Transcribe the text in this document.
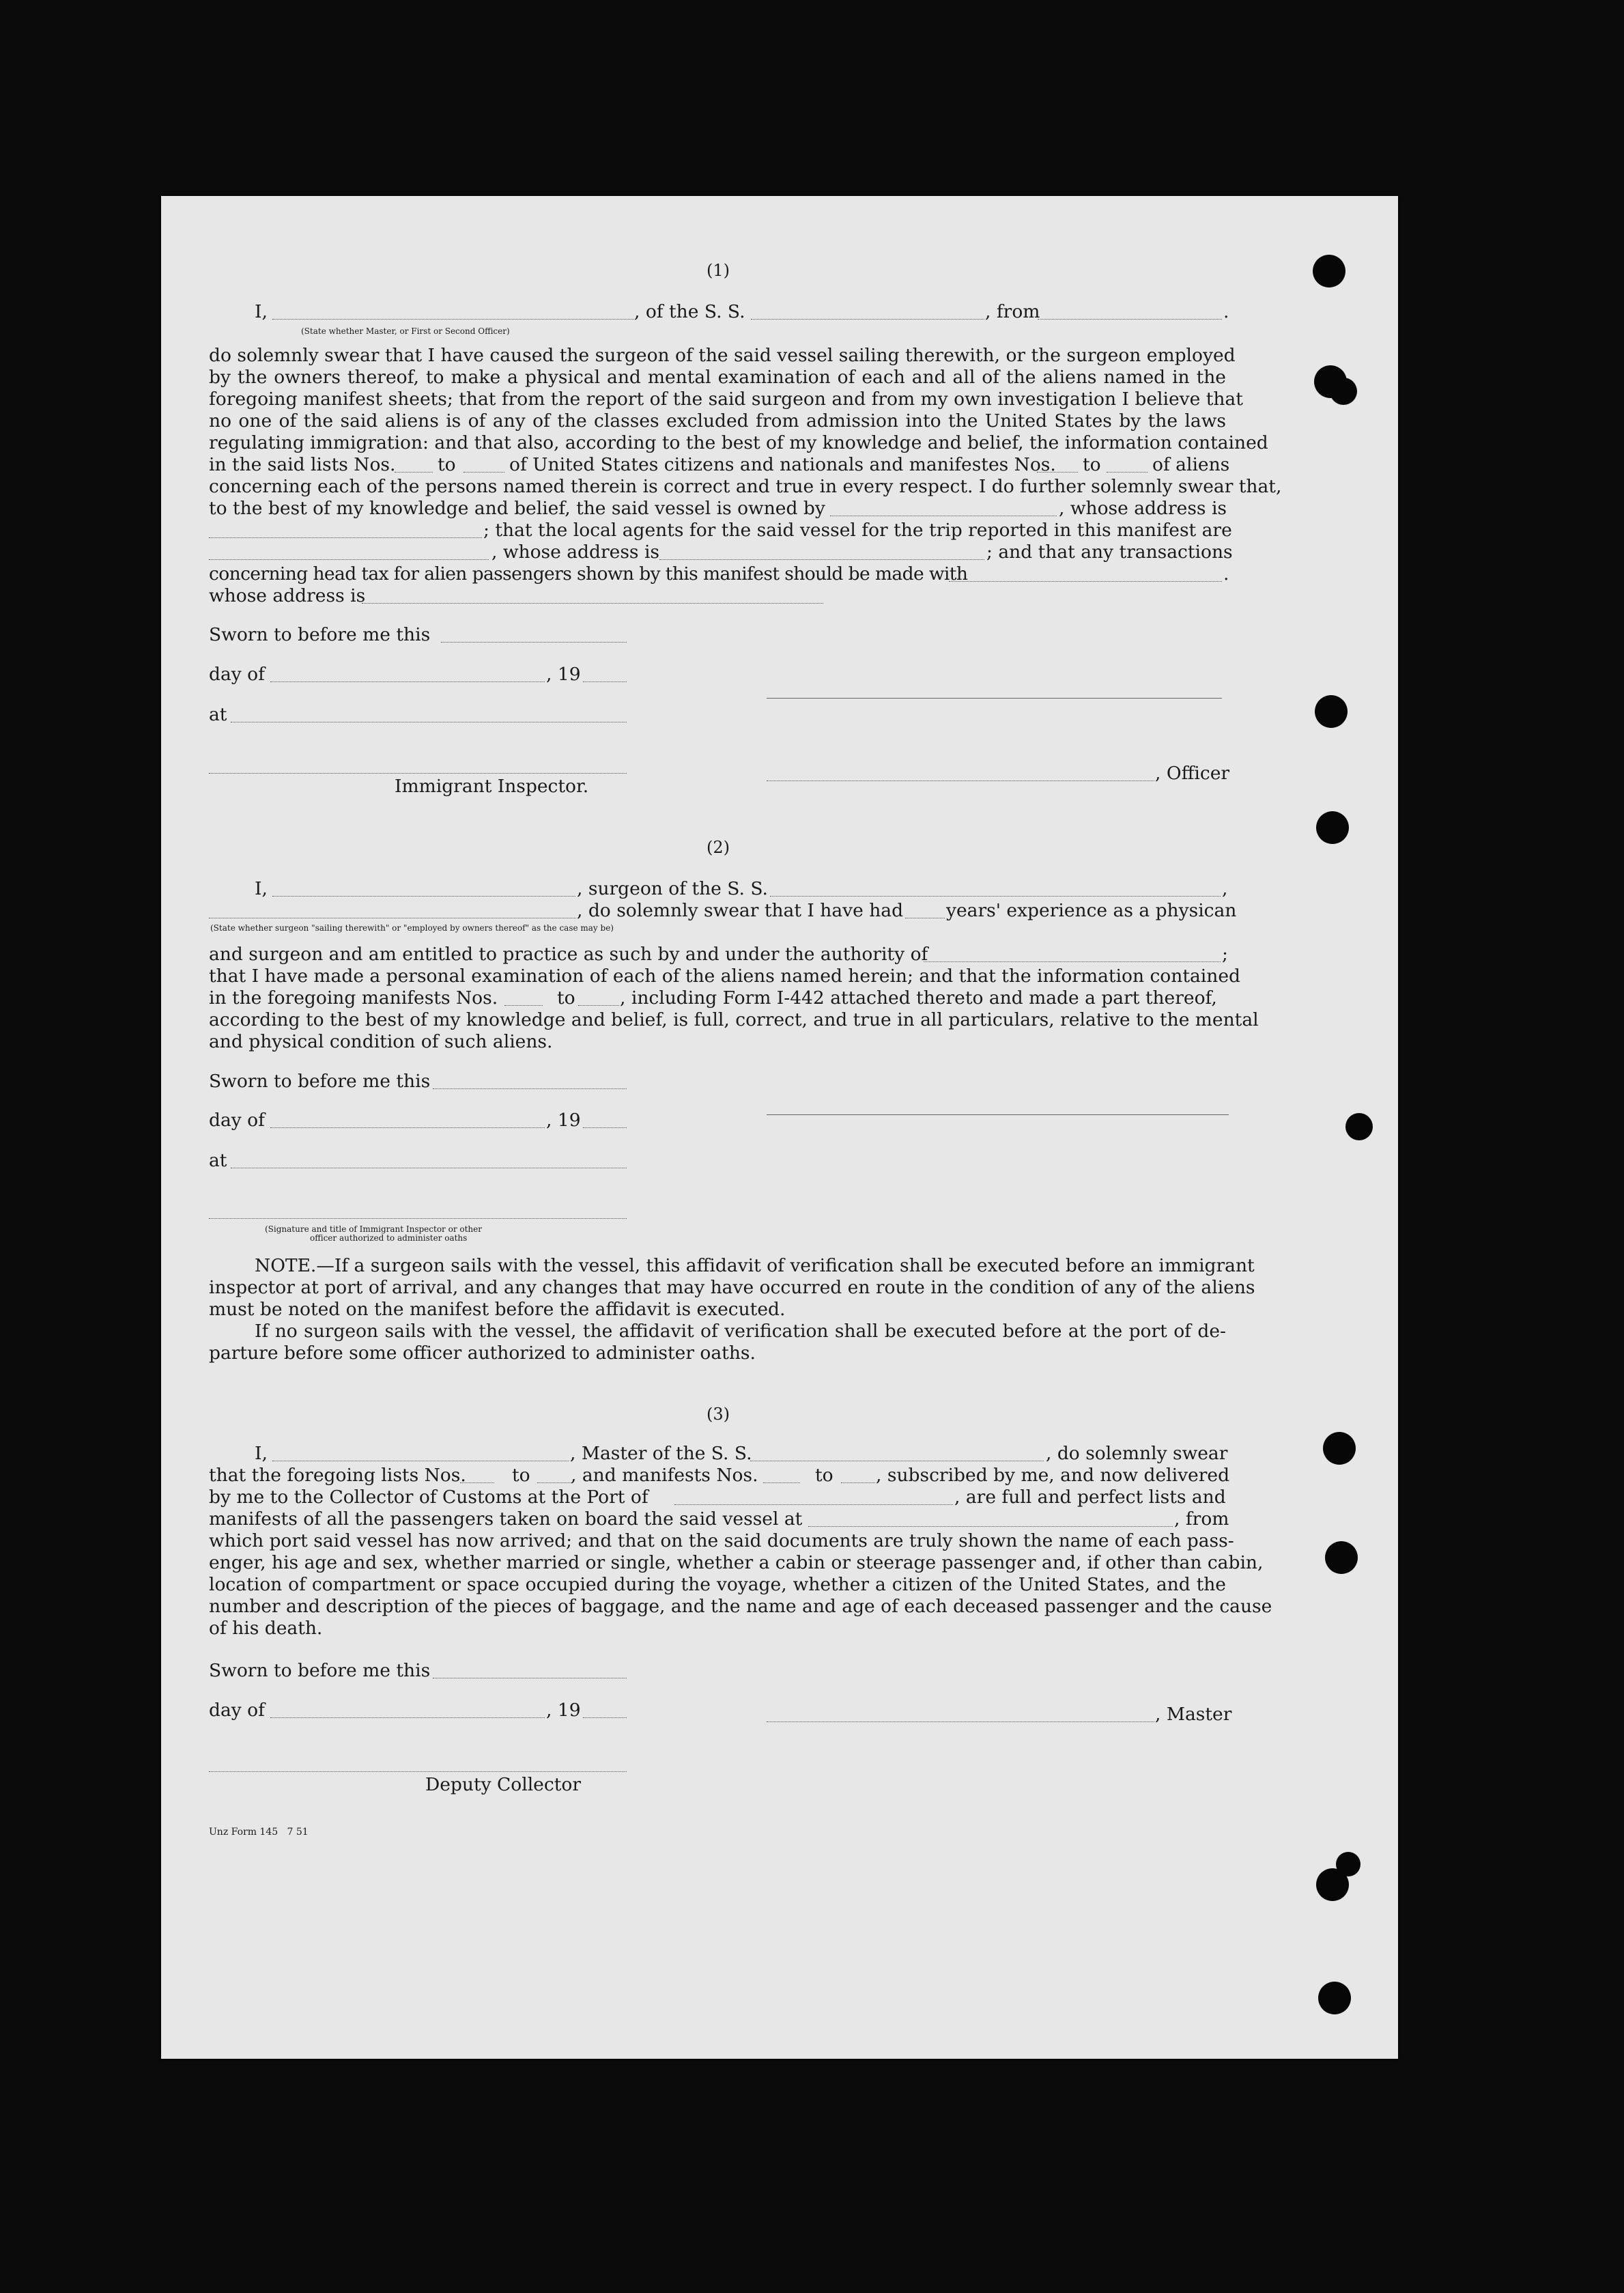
(1)
I,	, of the S. S.	, from	.
(State whether Master, or First or Second Officer)
do solemnly swear that I have caused the surgeon of the said vessel sailing therewith, or the surgeon employed
by the owners thereof, to make a physical and mental examination of each and all of the aliens named in the
foregoing manifest sheets; that from the report of the said surgeon and from my own investigation I believe that
no one of the said aliens is of any of the classes excluded from admission into the United States by the laws
regulating immigration: and that also, according to the best of my knowledge and belief, the information contained
in the said lists Nos. to	of United States citizens and nationals and manifestes Nos. to	of aliens
concerning each of the persons named therein is correct and true in every respect. I do further solemnly swear that,
to the best of my knowledge and belief, the said vessel is owned by	, whose address is
; that the local agents for the said vessel for the trip reported in this manifest are
, whose address is	; and that any transactions
concerning head tax for alien passengers shown by this manifest should be made with	.
whose address is
Sworn to before me this
day of	, 19
at
, Officer
Immigrant Inspector.
(2)
I,	, surgeon of the S. S.	,
, do solemnly swear that I have had years' experience as a physican
(State whether surgeon "sailing therewith" or "employed by owners thereof" as the case may be)
and surgeon and am entitled to practice as such by and under the authority of	;
that I have made a personal examination of each of the aliens named herein; and that the information contained
in the foregoing manifests Nos.	to , including Form I-442 attached thereto and made a part thereof,
according to the best of my knowledge and belief, is full, correct, and true in all particulars, relative to the mental
and physical condition of such aliens.
Sworn to before me this
day of	, 19
at
(Signature and title of Immigrant Inspector or other
officer authorized to administer oaths
NOTE.—If a surgeon sails with the vessel, this affidavit of verification shall be executed before an immigrant
inspector at port of arrival, and any changes that may have occurred en route in the condition of any of the aliens
must be noted on the manifest before the affidavit is executed.
If no surgeon sails with the vessel, the affidavit of verification shall be executed before at the port of de-
parture before some officer authorized to administer oaths.
(3)
I,	, Master of the S. S.	, do solemnly swear
that the foregoing lists Nos.	to , and manifests Nos.	to , subscribed by me, and now delivered
by me to the Collector of Customs at the Port of	, are full and perfect lists and
manifests of all the passengers taken on board the said vessel at	, from
which port said vessel has now arrived; and that on the said documents are truly shown the name of each pass-
enger, his age and sex, whether married or single, whether a cabin or steerage passenger and, if other than cabin,
location of compartment or space occupied during the voyage, whether a citizen of the United States, and the
number and description of the pieces of baggage, and the name and age of each deceased passenger and the cause
of his death.
Sworn to before me this
day of	, 19	, Master
Deputy Collector
Unz Form 145   7 51
